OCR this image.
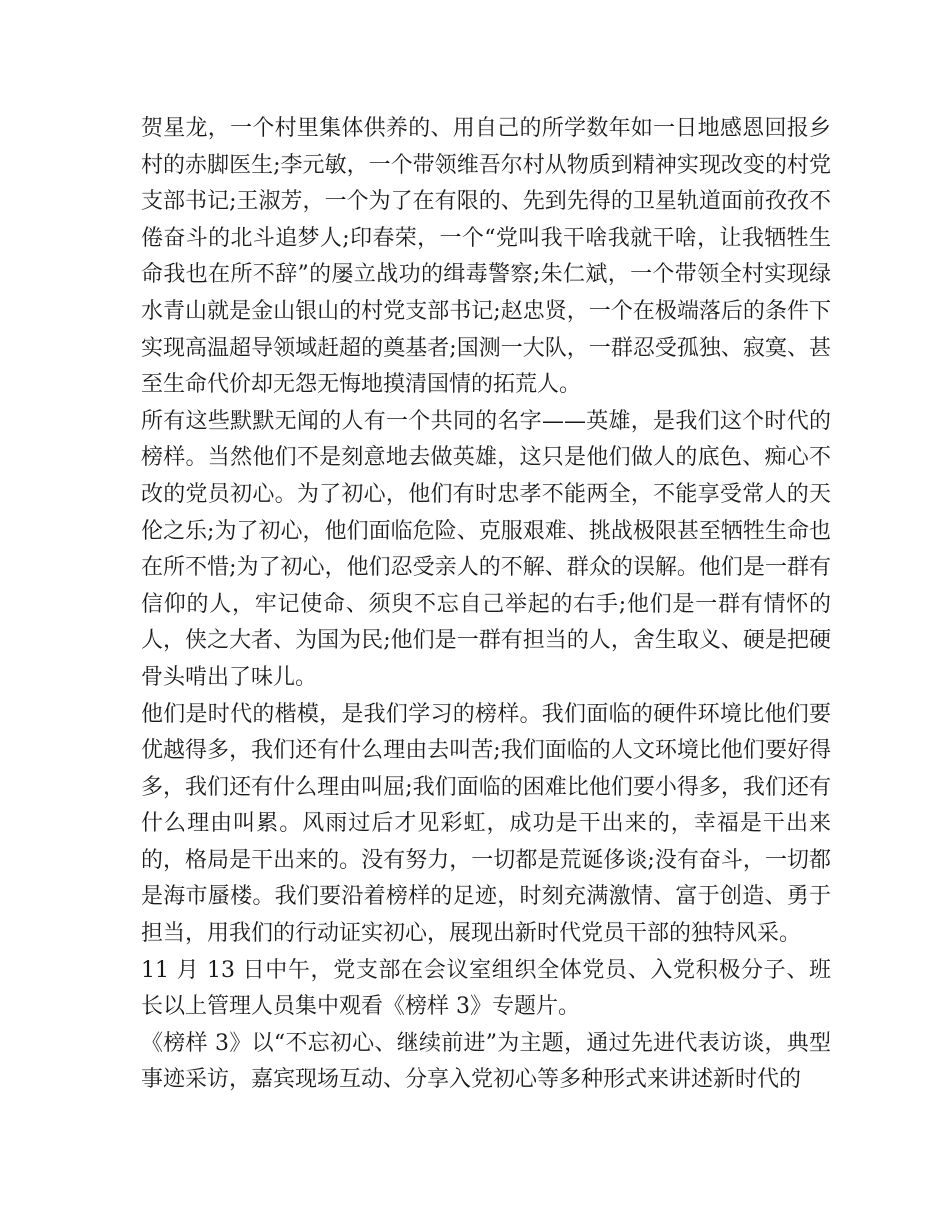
贺星龙，一个村里集体供养的、用自己的所学数年如一日地感恩回报乡村的赤脚医生;李元敏，一个带领维吾尔村从物质到精神实现改变的村党支部书记;王淑芳，一个为了在有限的、先到先得的卫星轨道面前孜孜不倦奋斗的北斗追梦人;印春荣，一个“党叫我干啥我就干啥，让我牺牲生命我也在所不辞”的屡立战功的缉毒警察;朱仁斌，一个带领全村实现绿水青山就是金山银山的村党支部书记;赵忠贤，一个在极端落后的条件下实现高温超导领域赶超的奠基者;国测一大队，一群忍受孤独、寂寞、甚至生命代价却无怨无悔地摸清国情的拓荒人。

所有这些默默无闻的人有一个共同的名字——英雄，是我们这个时代的榜样。当然他们不是刻意地去做英雄，这只是他们做人的底色、痴心不改的党员初心。为了初心，他们有时忠孝不能两全，不能享受常人的天伦之乐;为了初心，他们面临危险、克服艰难、挑战极限甚至牺牲生命也在所不惜;为了初心，他们忍受亲人的不解、群众的误解。他们是一群有信仰的人，牢记使命、须臾不忘自己举起的右手;他们是一群有情怀的人，侠之大者、为国为民;他们是一群有担当的人，舍生取义、硬是把硬骨头啃出了味儿。

他们是时代的楷模，是我们学习的榜样。我们面临的硬件环境比他们要优越得多，我们还有什么理由去叫苦;我们面临的人文环境比他们要好得多，我们还有什么理由叫屈;我们面临的困难比他们要小得多，我们还有什么理由叫累。风雨过后才见彩虹，成功是干出来的，幸福是干出来的，格局是干出来的。没有努力，一切都是荒诞侈谈;没有奋斗，一切都是海市蜃楼。我们要沿着榜样的足迹，时刻充满激情、富于创造、勇于担当，用我们的行动证实初心，展现出新时代党员干部的独特风采。

11 月 13 日中午，党支部在会议室组织全体党员、入党积极分子、班长以上管理人员集中观看《榜样 3》专题片。

《榜样 3》以“不忘初心、继续前进”为主题，通过先进代表访谈，典型事迹采访，嘉宾现场互动、分享入党初心等多种形式来讲述新时代的
